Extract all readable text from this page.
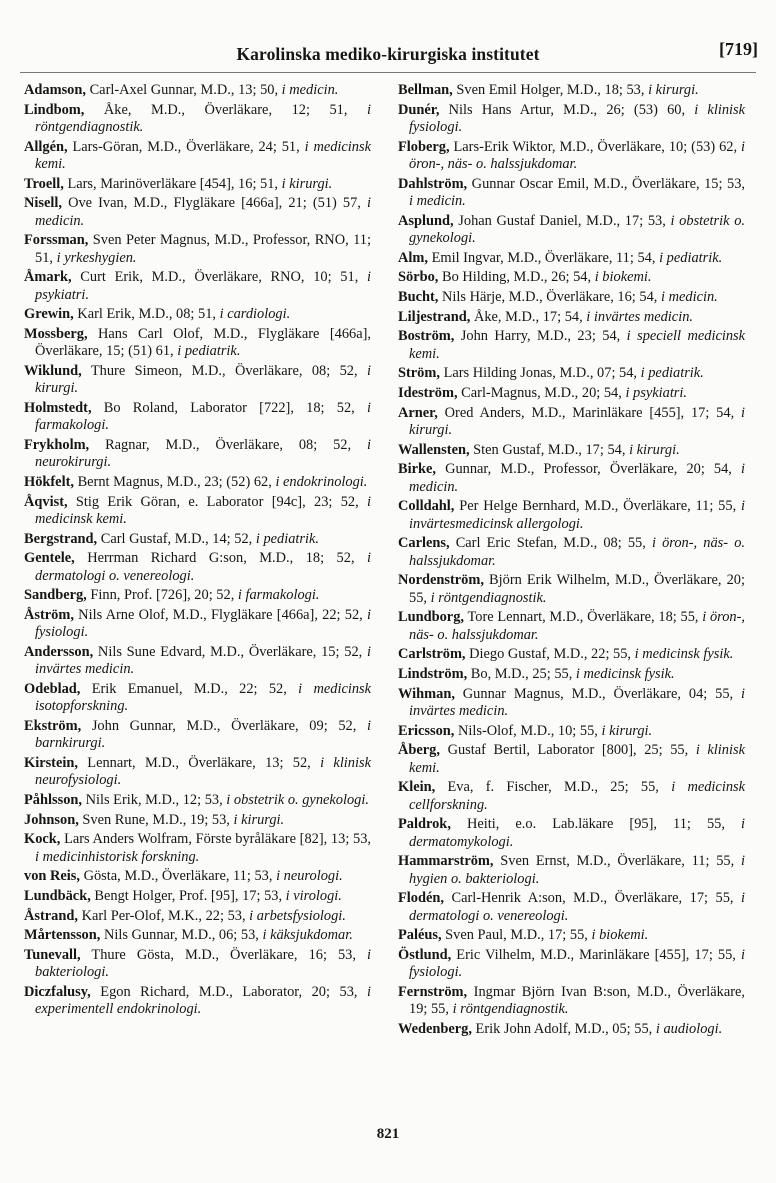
Karolinska mediko-kirurgiska institutet	[719]

Adamson, Carl-Axel Gunnar, M.D., 13; 50, i medicin.

Lindbom, Åke, M.D., Överläkare, 12; 51, i röntgendiagnostik.

Allgén, Lars-Göran, M.D., Överläkare, 24; 51, i medicinsk kemi.

Troell, Lars, Marinöverläkare [454], 16; 51, i kirurgi.

Nisell, Ove Ivan, M.D., Flygläkare [466a], 21; (51) 57, i medicin.

Forssman, Sven Peter Magnus, M.D., Professor, RNO, 11; 51, i yrkeshygien.

Åmark, Curt Erik, M.D., Överläkare, RNO, 10; 51, i psykiatri.

Grewin, Karl Erik, M.D., 08; 51, i cardiologi.

Mossberg, Hans Carl Olof, M.D., Flygläkare [466a], Överläkare, 15; (51) 61, i pediatrik.

Wiklund, Thure Simeon, M.D., Överläkare, 08; 52, i kirurgi.

Holmstedt, Bo Roland, Laborator [722], 18; 52, i farmakologi.

Frykholm, Ragnar, M.D., Överläkare, 08; 52, i neurokirurgi.

Hökfelt, Bernt Magnus, M.D., 23; (52) 62, i endokrinologi.

Åqvist, Stig Erik Göran, e. Laborator [94c], 23; 52, i medicinsk kemi.

Bergstrand, Carl Gustaf, M.D., 14; 52, i pediatrik.

Gentele, Herrman Richard G:son, M.D., 18; 52, i dermatologi o. venereologi.

Sandberg, Finn, Prof. [726], 20; 52, i farmakologi.

Åström, Nils Arne Olof, M.D., Flygläkare [466a], 22; 52, i fysiologi.

Andersson, Nils Sune Edvard, M.D., Överläkare, 15; 52, i invärtes medicin.

Odeblad, Erik Emanuel, M.D., 22; 52, i medicinsk isotopforskning.

Ekström, John Gunnar, M.D., Överläkare, 09; 52, i barnkirurgi.

Kirstein, Lennart, M.D., Överläkare, 13; 52, i klinisk neurofysiologi.

Påhlsson, Nils Erik, M.D., 12; 53, i obstetrik o. gynekologi.

Johnson, Sven Rune, M.D., 19; 53, i kirurgi.

Kock, Lars Anders Wolfram, Förste byråläkare [82], 13; 53, i medicinhistorisk forskning.

von Reis, Gösta, M.D., Överläkare, 11; 53, i neurologi.

Lundbäck, Bengt Holger, Prof. [95], 17; 53, i virologi.

Åstrand, Karl Per-Olof, M.K., 22; 53, i arbetsfysiologi.

Mårtensson, Nils Gunnar, M.D., 06; 53, i käksjukdomar.

Tunevall, Thure Gösta, M.D., Överläkare, 16; 53, i bakteriologi.

Diczfalusy, Egon Richard, M.D., Laborator, 20; 53, i experimentell endokrinologi.

Bellman, Sven Emil Holger, M.D., 18; 53, i kirurgi.

Dunér, Nils Hans Artur, M.D., 26; (53) 60, i klinisk fysiologi.

Floberg, Lars-Erik Wiktor, M.D., Överläkare, 10; (53) 62, i öron-, näs- o. halssjukdomar.

Dahlström, Gunnar Oscar Emil, M.D., Överläkare, 15; 53, i medicin.

Asplund, Johan Gustaf Daniel, M.D., 17; 53, i obstetrik o. gynekologi.

Alm, Emil Ingvar, M.D., Överläkare, 11; 54, i pediatrik.

Sörbo, Bo Hilding, M.D., 26; 54, i biokemi.

Bucht, Nils Härje, M.D., Överläkare, 16; 54, i medicin.

Liljestrand, Åke, M.D., 17; 54, i invärtes medicin.

Boström, John Harry, M.D., 23; 54, i speciell medicinsk kemi.

Ström, Lars Hilding Jonas, M.D., 07; 54, i pediatrik.

Ideström, Carl-Magnus, M.D., 20; 54, i psykiatri.

Arner, Ored Anders, M.D., Marinläkare [455], 17; 54, i kirurgi.

Wallensten, Sten Gustaf, M.D., 17; 54, i kirurgi.

Birke, Gunnar, M.D., Professor, Överläkare, 20; 54, i medicin.

Colldahl, Per Helge Bernhard, M.D., Överläkare, 11; 55, i invärtesmedicinsk allergologi.

Carlens, Carl Eric Stefan, M.D., 08; 55, i öron-, näs- o. halssjukdomar.

Nordenström, Björn Erik Wilhelm, M.D., Överläkare, 20; 55, i röntgendiagnostik.

Lundborg, Tore Lennart, M.D., Överläkare, 18; 55, i öron-, näs- o. halssjukdomar.

Carlström, Diego Gustaf, M.D., 22; 55, i medicinsk fysik.

Lindström, Bo, M.D., 25; 55, i medicinsk fysik.

Wihman, Gunnar Magnus, M.D., Överläkare, 04; 55, i invärtes medicin.

Ericsson, Nils-Olof, M.D., 10; 55, i kirurgi.

Åberg, Gustaf Bertil, Laborator [800], 25; 55, i klinisk kemi.

Klein, Eva, f. Fischer, M.D., 25; 55, i medicinsk cellforskning.

Paldrok, Heiti, e.o. Lab.läkare [95], 11; 55, i dermatomykologi.

Hammarström, Sven Ernst, M.D., Överläkare, 11; 55, i hygien o. bakteriologi.

Flodén, Carl-Henrik A:son, M.D., Överläkare, 17; 55, i dermatologi o. venereologi.

Paléus, Sven Paul, M.D., 17; 55, i biokemi.

Östlund, Eric Vilhelm, M.D., Marinläkare [455], 17; 55, i fysiologi.

Fernström, Ingmar Björn Ivan B:son, M.D., Överläkare, 19; 55, i röntgendiagnostik.

Wedenberg, Erik John Adolf, M.D., 05; 55, i audiologi.

821
